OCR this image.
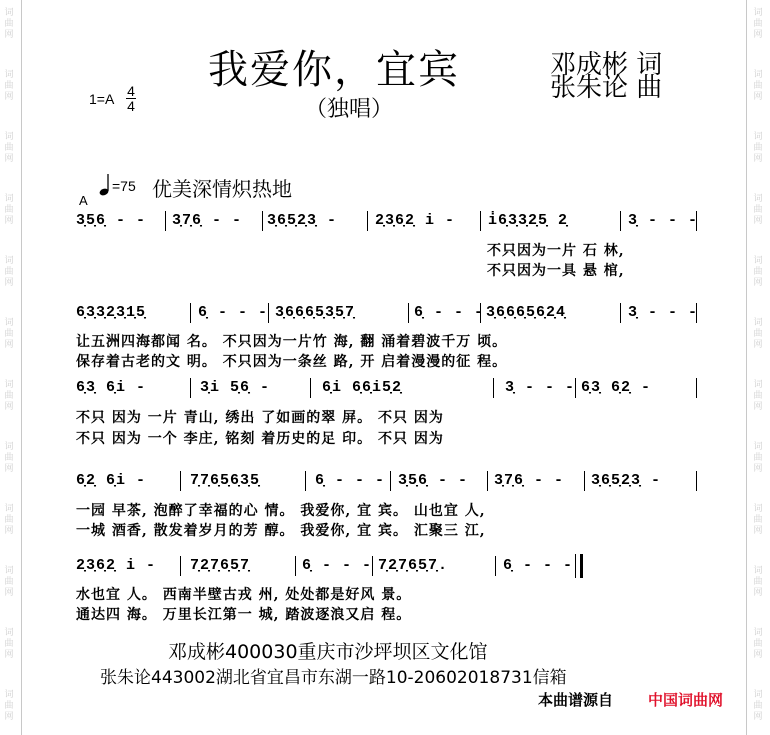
词
曲
网
词
曲
网
词
曲
网
词
曲
网
词
曲
网
词
曲
网
词
曲
网
词
曲
网
词
曲
网
词
曲
网
词
曲
网
词
曲
网
词
曲
网
词
曲
网
词
曲
网
词
曲
网
词
曲
网
词
曲
网
词
曲
网
词
曲
网
词
曲
网
词
曲
网
词
曲
网
词
曲
网
我爱你，宜宾
（独唱）
邓成彬 词
张朱论 曲
1=A 4
4
=75 优美深情炽热地
A
3̣5̣6̣ - - 3̣7̣6̣ - - 3̣6̣5̣2̣3̣ -	2̣3̣6̣2̣ i - i̇6̣3̣3̣2̣5̣ 2̣	3̣ - - -
不只因为一片 石 林,
不只因为一具 悬 棺,
6̣3̣3̣2̣3̣1̣5̣	6̣ - - - 3̣6̣6̣6̣5̣3̣5̣7̣	6̣ - - - 3̣6̣6̣6̣5̣6̣2̣4̣	3̣ - - -
让五洲四海都闻 名。 不只因为一片竹 海, 翻 涌着碧波千万 顷。
保存着古老的文 明。 不只因为一条丝 路, 开 启着漫漫的征 程。
6̣3̣ 6̣i -	3̣i 5̣6̣ -	6̣i 6̣6̣i5̣2̣	3̣ - - - 6̣3̣ 6̣2̣ -
不只 因为 一片 青山, 绣出 了如画的翠 屏。 不只 因为
不只 因为 一个 李庄, 铭刻 着历史的足 印。 不只 因为
6̣2̣ 6̣i -	7̣7̣6̣5̣6̣3̣5̣	6̣ - - - 3̣5̣6̣ - - 3̣7̣6̣ - - 3̣6̣5̣2̣3̣ -
一园 早茶, 泡醉了幸福的心 情。 我爱你, 宜 宾。 山也宜 人,
一城 酒香, 散发着岁月的芳 醇。 我爱你, 宜 宾。 汇聚三 江,
2̣3̣6̣2̣ i - 7̣2̣7̣6̣5̣7̣	6̣ - - - 7̣2̣7̣6̣5̣7̣.	6̣ - - -
水也宜 人。 西南半壁古戎 州, 处处都是好风 景。
通达四 海。 万里长江第一 城, 踏波逐浪又启 程。
邓成彬400030重庆市沙坪坝区文化馆
张朱论443002湖北省宜昌市东湖一路10-20602018731信箱
本曲谱源自 中国词曲网
